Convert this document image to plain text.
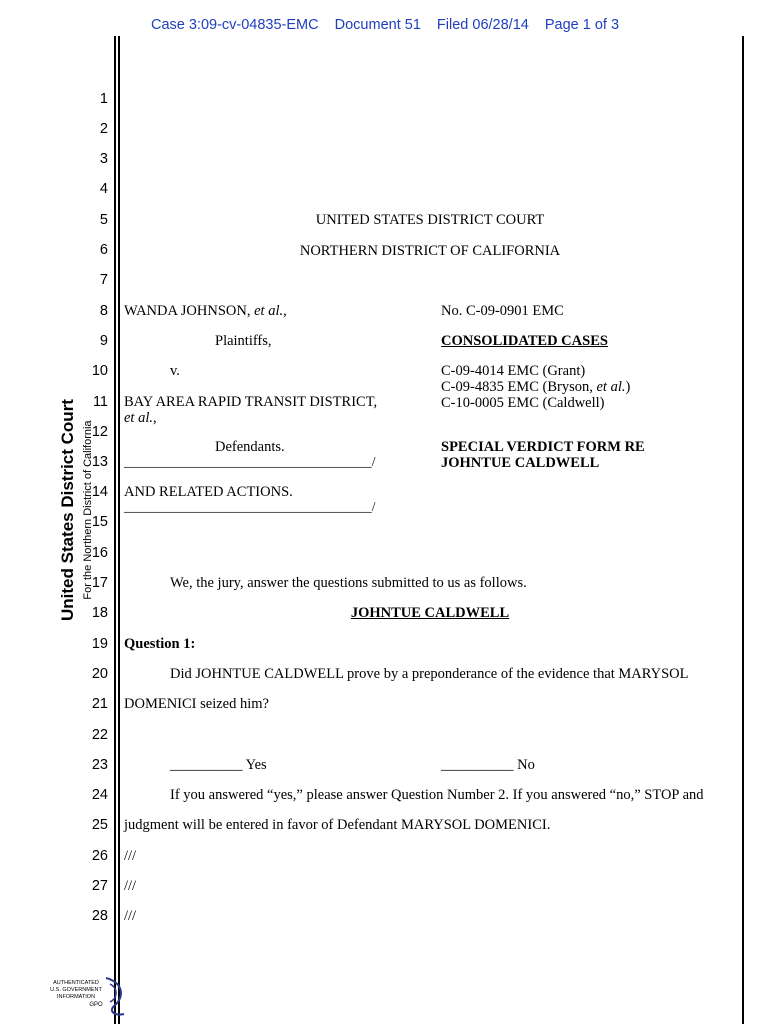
Case 3:09-cv-04835-EMC Document 51 Filed 06/28/14 Page 1 of 3
United States District Court For the Northern District of California
1
2
3
4
5
6
7
8
9
10
11
12
13
14
15
16
17
18
19
20
21
22
23
24
25
26
27
28
UNITED STATES DISTRICT COURT
NORTHERN DISTRICT OF CALIFORNIA
WANDA JOHNSON, et al.,
Plaintiffs,
v.
BAY AREA RAPID TRANSIT DISTRICT,
et al.,
Defendants.
_____________________________________/
AND RELATED ACTIONS.
_____________________________________/
No. C-09-0901 EMC
CONSOLIDATED CASES
C-09-4014 EMC (Grant)
C-09-4835 EMC (Bryson, et al.)
C-10-0005 EMC (Caldwell)
SPECIAL VERDICT FORM RE
JOHNTUE CALDWELL
We, the jury, answer the questions submitted to us as follows.
JOHNTUE CALDWELL
Question 1:
Did JOHNTUE CALDWELL prove by a preponderance of the evidence that MARYSOL
DOMENICI seized him?
__________ Yes	__________ No
If you answered “yes,” please answer Question Number 2. If you answered “no,” STOP and
judgment will be entered in favor of Defendant MARYSOL DOMENICI.
///
///
///
AUTHENTICATED
U.S. GOVERNMENT
INFORMATION
GPO
